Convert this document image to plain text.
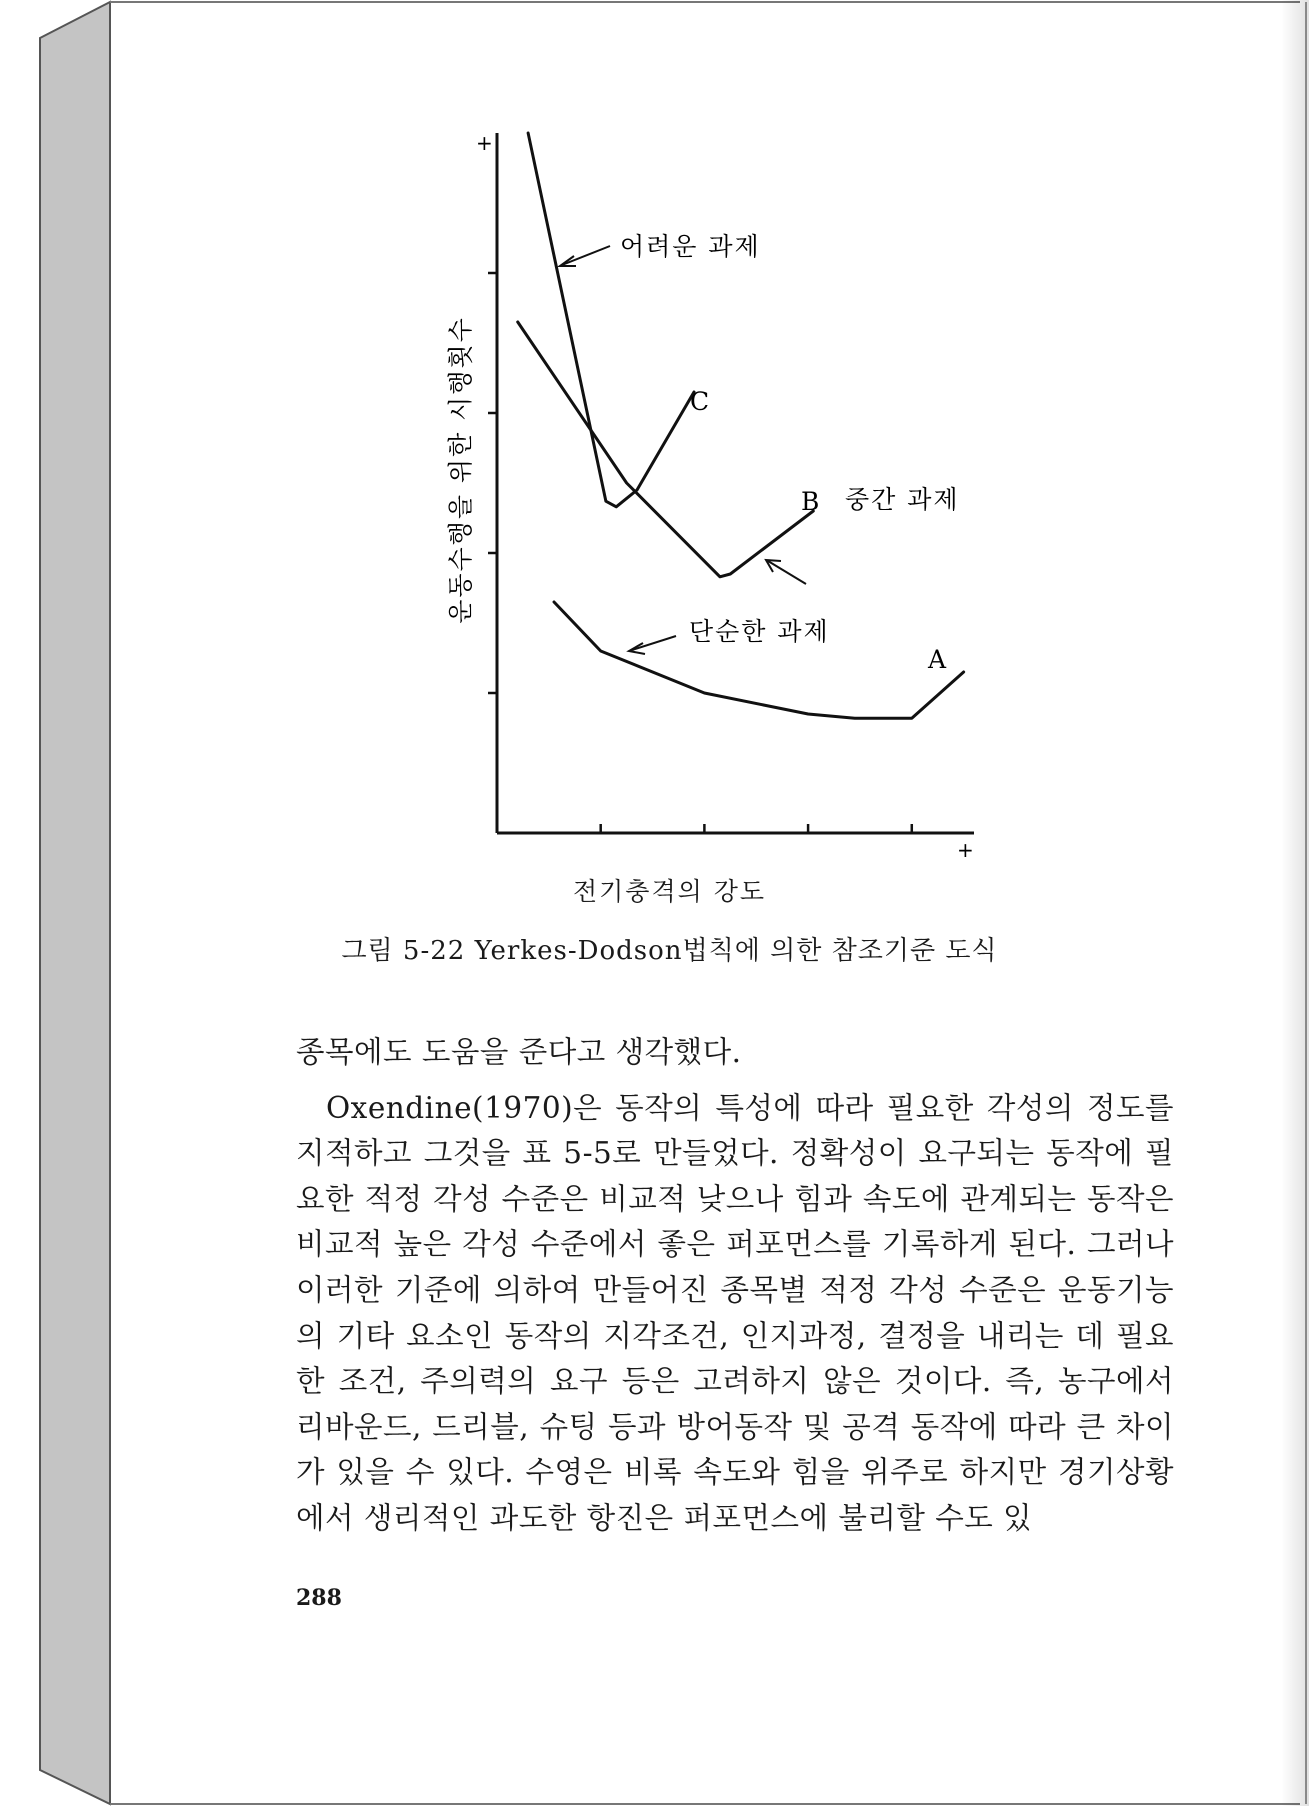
+
+
운동수행을 위한 시행횟수
어려운 과제
C
B 중간 과제
단순한 과제
A
전기충격의 강도
그림 5-22 Yerkes-Dodson법칙에 의한 참조기준 도식

종목에도 도움을 준다고 생각했다.

Oxendine(1970)은 동작의 특성에 따라 필요한 각성의 정도를 지적하고 그것을 표 5-5로 만들었다. 정확성이 요구되는 동작에 필요한 적정 각성 수준은 비교적 낮으나 힘과 속도에 관계되는 동작은 비교적 높은 각성 수준에서 좋은 퍼포먼스를 기록하게 된다. 그러나 이러한 기준에 의하여 만들어진 종목별 적정 각성 수준은 운동기능의 기타 요소인 동작의 지각조건, 인지과정, 결정을 내리는 데 필요한 조건, 주의력의 요구 등은 고려하지 않은 것이다. 즉, 농구에서 리바운드, 드리블, 슈팅 등과 방어동작 및 공격 동작에 따라 큰 차이가 있을 수 있다. 수영은 비록 속도와 힘을 위주로 하지만 경기상황에서 생리적인 과도한 항진은 퍼포먼스에 불리할 수도 있

288
